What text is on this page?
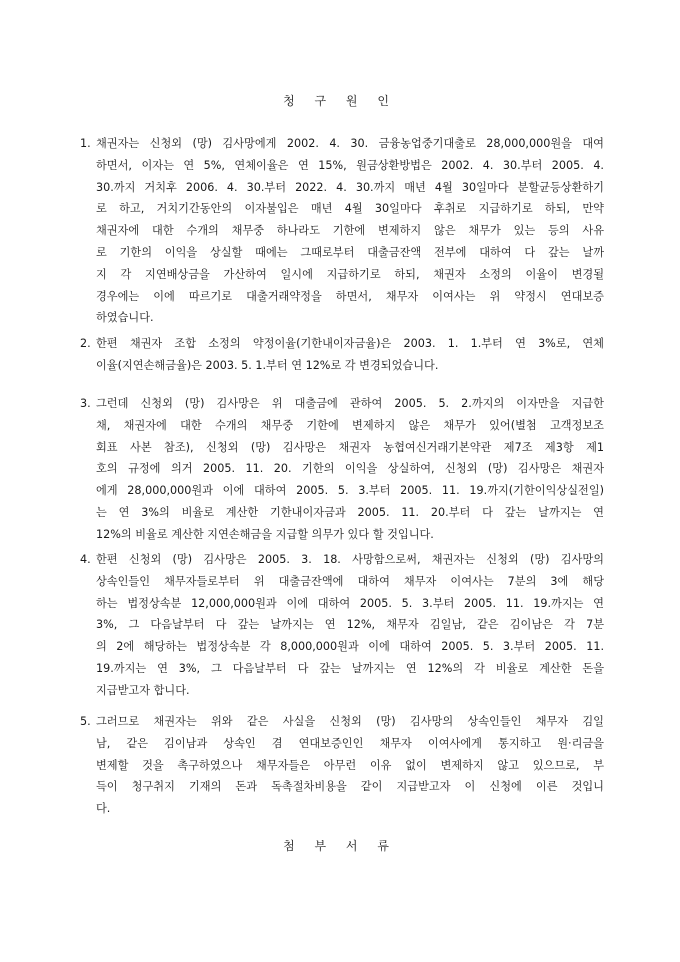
청 구 원 인
1. 채권자는 신청외 (망) 김사망에게 2002. 4. 30. 금융농업중기대출로 28,000,000원을 대여
하면서, 이자는 연 5%, 연체이율은 연 15%, 원금상환방법은 2002. 4. 30.부터 2005. 4.
30.까지 거치후 2006. 4. 30.부터 2022. 4. 30.까지 매년 4월 30일마다 분할균등상환하기
로 하고, 거치기간동안의 이자불입은 매년 4월 30일마다 후취로 지급하기로 하되, 만약
채권자에 대한 수개의 채무중 하나라도 기한에 변제하지 않은 채무가 있는 등의 사유
로 기한의 이익을 상실할 때에는 그때로부터 대출금잔액 전부에 대하여 다 갚는 날까
지 각 지연배상금을 가산하여 일시에 지급하기로 하되, 채권자 소정의 이율이 변경될
경우에는 이에 따르기로 대출거래약정을 하면서, 채무자 이여사는 위 약정시 연대보증
하였습니다.
2. 한편 채권자 조합 소정의 약정이율(기한내이자금율)은 2003. 1. 1.부터 연 3%로, 연체
이율(지연손해금율)은 2003. 5. 1.부터 연 12%로 각 변경되었습니다.
3. 그런데 신청외 (망) 김사망은 위 대출금에 관하여 2005. 5. 2.까지의 이자만을 지급한
채, 채권자에 대한 수개의 채무중 기한에 변제하지 않은 채무가 있어(별첨 고객정보조
회표 사본 참조), 신청외 (망) 김사망은 채권자 농협여신거래기본약관 제7조 제3항 제1
호의 규정에 의거 2005. 11. 20. 기한의 이익을 상실하여, 신청외 (망) 김사망은 채권자
에게 28,000,000원과 이에 대하여 2005. 5. 3.부터 2005. 11. 19.까지(기한이익상실전일)
는 연 3%의 비율로 계산한 기한내이자금과 2005. 11. 20.부터 다 갚는 날까지는 연
12%의 비율로 계산한 지연손해금을 지급할 의무가 있다 할 것입니다.
4. 한편 신청외 (망) 김사망은 2005. 3. 18. 사망함으로써, 채권자는 신청외 (망) 김사망의
상속인들인 채무자들로부터 위 대출금잔액에 대하여 채무자 이여사는 7분의 3에 해당
하는 법정상속분 12,000,000원과 이에 대하여 2005. 5. 3.부터 2005. 11. 19.까지는 연
3%, 그 다음날부터 다 갚는 날까지는 연 12%, 채무자 김일남, 같은 김이남은 각 7분
의 2에 해당하는 법정상속분 각 8,000,000원과 이에 대하여 2005. 5. 3.부터 2005. 11.
19.까지는 연 3%, 그 다음날부터 다 갚는 날까지는 연 12%의 각 비율로 계산한 돈을
지급받고자 합니다.
5. 그러므로 채권자는 위와 같은 사실을 신청외 (망) 김사망의 상속인들인 채무자 김일
남, 같은 김이남과 상속인 겸 연대보증인인 채무자 이여사에게 통지하고 원·리금을
변제할 것을 촉구하였으나 채무자들은 아무런 이유 없이 변제하지 않고 있으므로, 부
득이 청구취지 기재의 돈과 독촉절차비용을 같이 지급받고자 이 신청에 이른 것입니
다.
첨 부 서 류
